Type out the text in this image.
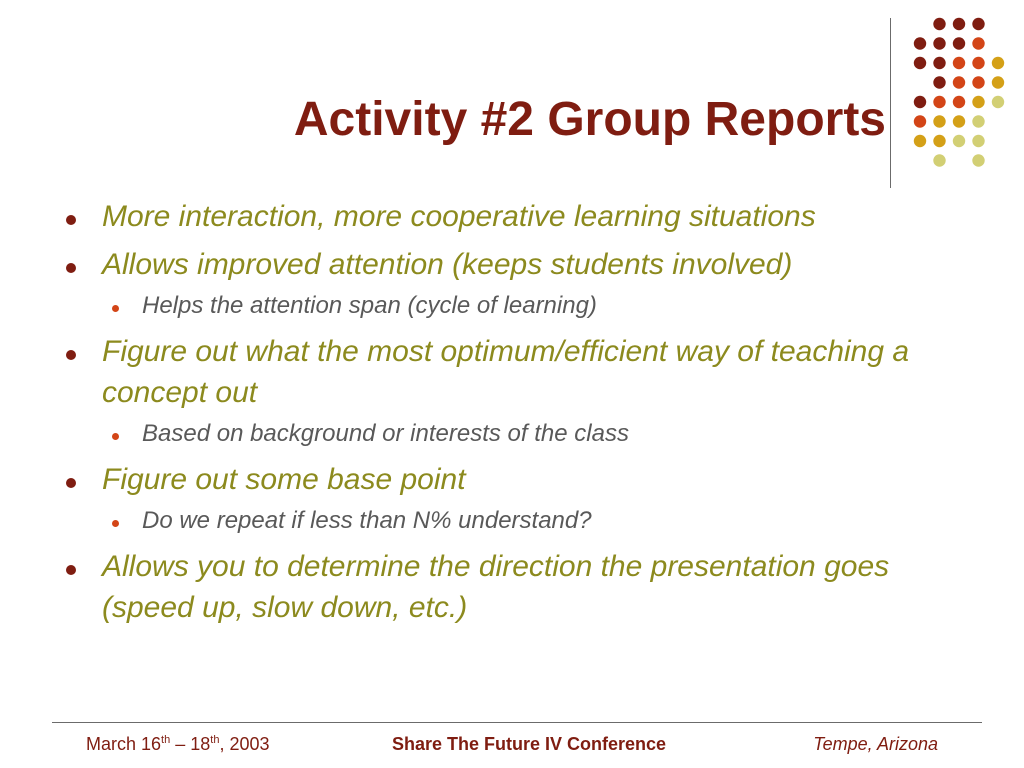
Activity #2 Group Reports
More interaction, more cooperative learning situations
Allows improved attention (keeps students involved)
Helps the attention span (cycle of learning)
Figure out what the most optimum/efficient way of teaching a concept out
Based on background or interests of the class
Figure out some base point
Do we repeat if less than N% understand?
Allows you to determine the direction the presentation goes (speed up, slow down, etc.)
March 16th – 18th, 2003	Share The Future IV Conference	Tempe, Arizona
